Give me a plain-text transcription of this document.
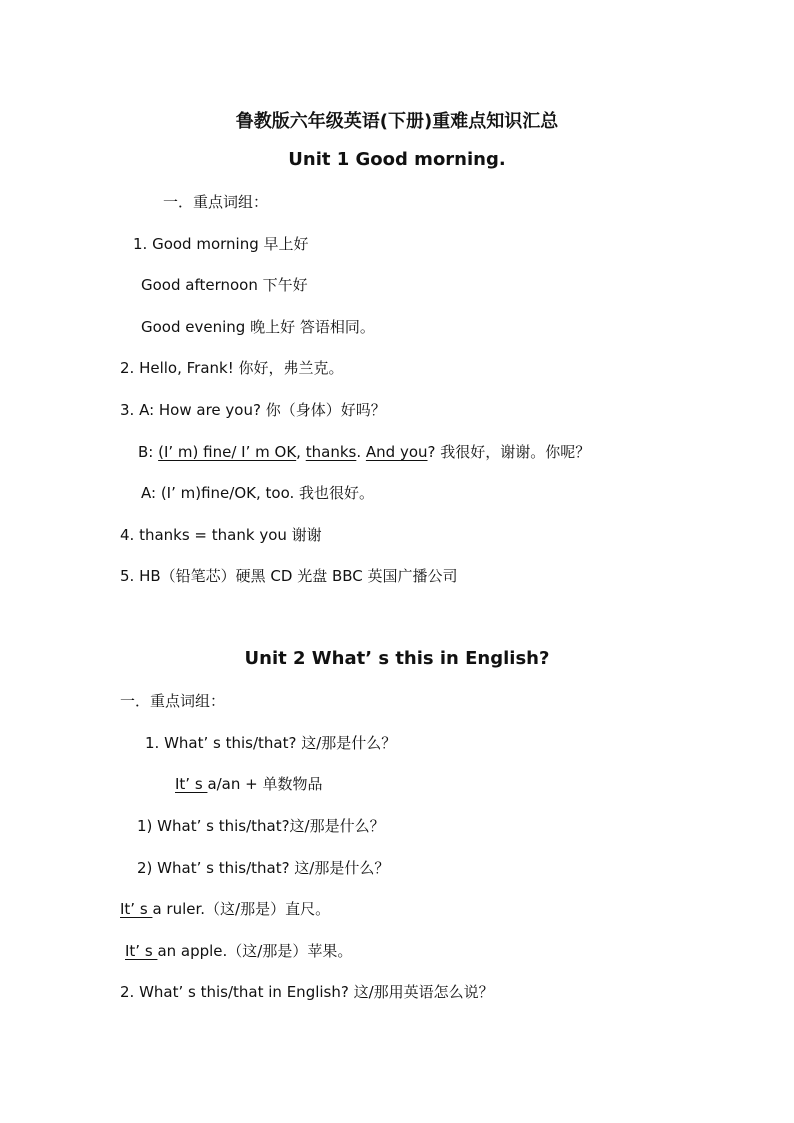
鲁教版六年级英语(下册)重难点知识汇总
Unit 1 Good morning.
一．重点词组：
1. Good morning 早上好
Good afternoon 下午好
Good evening 晚上好 答语相同。
2. Hello, Frank! 你好，弗兰克。
3. A: How are you? 你（身体）好吗？
B: (I’ m) fine/ I’ m OK, thanks. And you? 我很好，谢谢。你呢？
A: (I’ m)fine/OK, too. 我也很好。
4. thanks = thank you 谢谢
5. HB（铅笔芯）硬黑 CD 光盘 BBC 英国广播公司
Unit 2 What’ s this in English?
一．重点词组：
1. What’ s this/that? 这/那是什么？
It’ s a/an + 单数物品
1) What’ s this/that?这/那是什么？
2) What’ s this/that? 这/那是什么？
It’ s a ruler.（这/那是）直尺。
It’ s an apple.（这/那是）苹果。
2. What’ s this/that in English? 这/那用英语怎么说？
